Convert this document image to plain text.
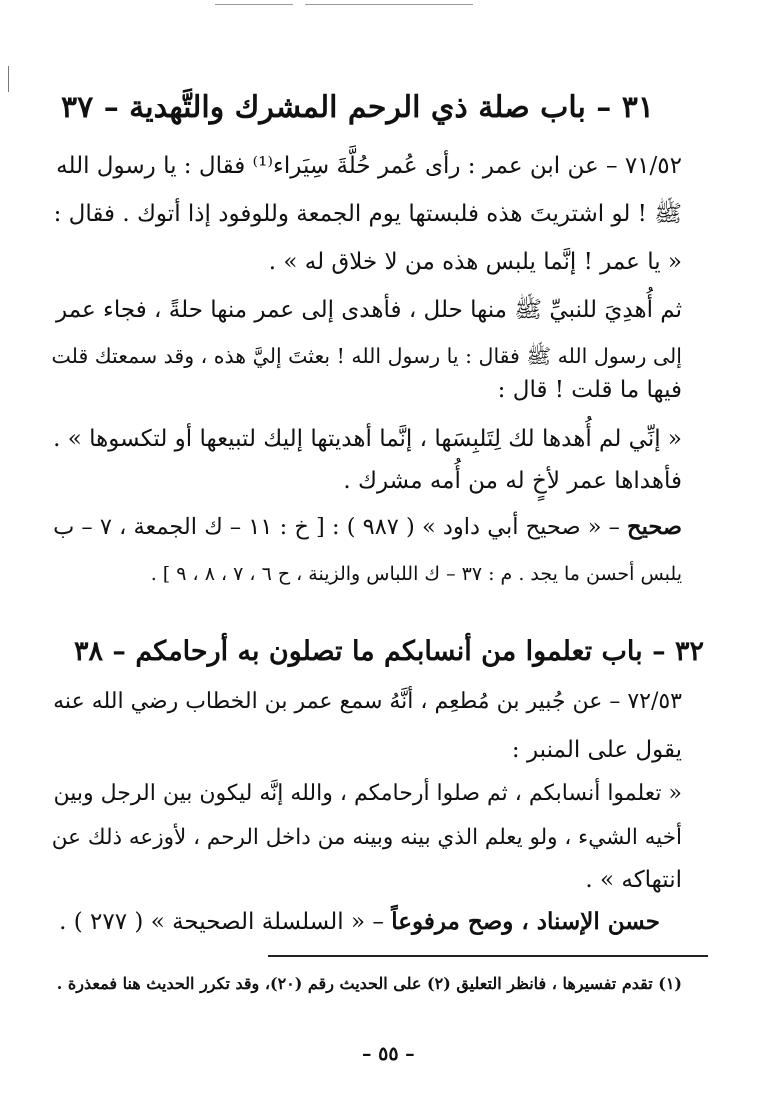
٣١ – باب صلة ذي الرحم المشرك والتَّهدية – ٣٧
٧١/٥٢ – عن ابن عمر : رأى عُمر حُلَّةَ سِيَراء⁽¹⁾ فقال : يا رسول الله
ﷺ ! لو اشتريتَ هذه فلبستها يوم الجمعة وللوفود إذا أتوك . فقال :
« يا عمر ! إنَّما يلبس هذه من لا خلاق له » .
ثم أُهدِيَ للنبيِّ ﷺ منها حلل ، فأهدى إلى عمر منها حلةً ، فجاء عمر
إلى رسول الله ﷺ فقال : يا رسول الله ! بعثتَ إليَّ هذه ، وقد سمعتك قلت
فيها ما قلت ! قال :
« إنِّي لم أُهدها لك لِتَلبِسَها ، إنَّما أهديتها إليك لتبيعها أو لتكسوها » .
فأهداها عمر لأخٍ له من أُمه مشرك .
صحيح – « صحيح أبي داود » ( ٩٨٧ ) : [ خ : ١١ – ك الجمعة ، ٧ – ب
يلبس أحسن ما يجد . م : ٣٧ – ك اللباس والزينة ، ح ٦ ، ٧ ، ٨ ، ٩ ] .
٣٢ – باب تعلموا من أنسابكم ما تصلون به أرحامكم – ٣٨
٧٢/٥٣ – عن جُبير بن مُطعِم ، أنَّهُ سمع عمر بن الخطاب رضي الله عنه
يقول على المنبر :
« تعلموا أنسابكم ، ثم صلوا أرحامكم ، والله إنَّه ليكون بين الرجل وبين
أخيه الشيء ، ولو يعلم الذي بينه وبينه من داخل الرحم ، لأوزعه ذلك عن
انتهاكه » .
حسن الإسناد ، وصح مرفوعاً – « السلسلة الصحيحة » ( ٢٧٧ ) .
(١) تقدم تفسيرها ، فانظر التعليق (٢) على الحديث رقم (٢٠)، وقد تكرر الحديث هنا فمعذرة .
– ٥٥ –
